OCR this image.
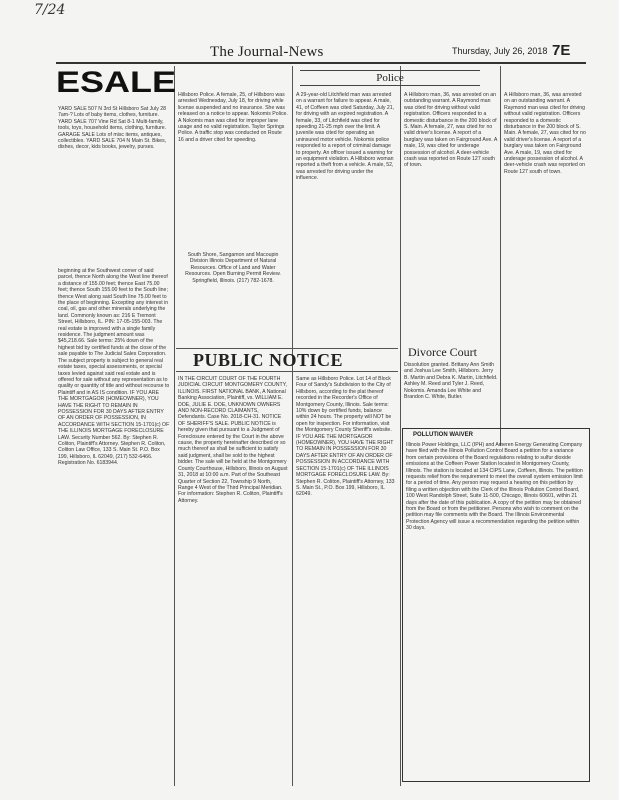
7/24
The Journal-News	Thursday, July 26, 2018 7E
ESALE
YARD SALE 507 N 3rd St Hillsboro Sat July 28 7am-? Lots of baby items, clothes, furniture. YARD SALE 707 Vine Rd Sat 8-1 Multi-family, tools, toys, household items, clothing, furniture. GARAGE SALE Lots of misc items, antiques, collectibles. YARD SALE 704 N Main St. Bikes, dishes, decor, kids books, jewelry, purses.
beginning at the Southwest corner of said parcel, thence North along the West line thereof a distance of 155.00 feet; thence East 75.00 feet; thence South 155.00 feet to the South line; thence West along said South line 75.00 feet to the place of beginning. Excepting any interest in coal, oil, gas and other minerals underlying the land. Commonly known as: 216 E Tremont Street, Hillsboro, IL. PIN: 17-05-155-003. The real estate is improved with a single family residence. The judgment amount was $45,218.66. Sale terms: 25% down of the highest bid by certified funds at the close of the sale payable to The Judicial Sales Corporation. The subject property is subject to general real estate taxes, special assessments, or special taxes levied against said real estate and is offered for sale without any representation as to quality or quantity of title and without recourse to Plaintiff and in AS IS condition. IF YOU ARE THE MORTGAGOR (HOMEOWNER), YOU HAVE THE RIGHT TO REMAIN IN POSSESSION FOR 30 DAYS AFTER ENTRY OF AN ORDER OF POSSESSION, IN ACCORDANCE WITH SECTION 15-1701(c) OF THE ILLINOIS MORTGAGE FORECLOSURE LAW. Security Number 562. By: Stephen R. Coliton, Plaintiff's Attorney. Stephen R. Coliton, Coliton Law Office, 133 S. Main St. P.O. Box 199, Hillsboro, IL 62049, (217) 532-6466. Registration No. 6183944.
Police
Hillsboro Police. A female, 25, of Hillsboro was arrested Wednesday, July 18, for driving while license suspended and no insurance. She was released on a notice to appear. Nokomis Police. A Nokomis man was cited for improper lane usage and no valid registration. Taylor Springs Police. A traffic stop was conducted on Route 16 and a driver cited for speeding.
South Shore, Sangamon and Macoupin Division Illinois Department of Natural Resources. Office of Land and Water Resources. Open Burning Permit Review. Springfield, Illinois. (217) 782-1678.
A 29-year-old Litchfield man was arrested on a warrant for failure to appear. A male, 41, of Coffeen was cited Saturday, July 21, for driving with an expired registration. A female, 33, of Litchfield was cited for speeding 21-25 mph over the limit. A juvenile was cited for operating an uninsured motor vehicle. Nokomis police responded to a report of criminal damage to property. An officer issued a warning for an equipment violation. A Hillsboro woman reported a theft from a vehicle. A male, 52, was arrested for driving under the influence.
A Hillsboro man, 36, was arrested on an outstanding warrant. A Raymond man was cited for driving without valid registration. Officers responded to a domestic disturbance in the 200 block of S. Main. A female, 27, was cited for no valid driver's license. A report of a burglary was taken on Fairground Ave. A male, 19, was cited for underage possession of alcohol. A deer-vehicle crash was reported on Route 127 south of town.
A Hillsboro man, 36, was arrested on an outstanding warrant. A Raymond man was cited for driving without valid registration. Officers responded to a domestic disturbance in the 200 block of S. Main. A female, 27, was cited for no valid driver's license. A report of a burglary was taken on Fairground Ave. A male, 19, was cited for underage possession of alcohol. A deer-vehicle crash was reported on Route 127 south of town.
PUBLIC NOTICE
IN THE CIRCUIT COURT OF THE FOURTH JUDICIAL CIRCUIT MONTGOMERY COUNTY, ILLINOIS. FIRST NATIONAL BANK, A National Banking Association, Plaintiff, vs. WILLIAM E. DOE, JULIE E. DOE, UNKNOWN OWNERS AND NON-RECORD CLAIMANTS, Defendants. Case No. 2018-CH-31. NOTICE OF SHERIFF'S SALE. PUBLIC NOTICE is hereby given that pursuant to a Judgment of Foreclosure entered by the Court in the above cause, the property hereinafter described or so much thereof as shall be sufficient to satisfy said judgment, shall be sold to the highest bidder. The sale will be held at the Montgomery County Courthouse, Hillsboro, Illinois on August 31, 2018 at 10:00 a.m. Part of the Southeast Quarter of Section 22, Township 9 North, Range 4 West of the Third Principal Meridian. For information: Stephen R. Coliton, Plaintiff's Attorney.
Same as Hillsboro Police. Lot 14 of Block Four of Sandy's Subdivision to the City of Hillsboro, according to the plat thereof recorded in the Recorder's Office of Montgomery County, Illinois. Sale terms: 10% down by certified funds, balance within 24 hours. The property will NOT be open for inspection. For information, visit the Montgomery County Sheriff's website. IF YOU ARE THE MORTGAGOR (HOMEOWNER), YOU HAVE THE RIGHT TO REMAIN IN POSSESSION FOR 30 DAYS AFTER ENTRY OF AN ORDER OF POSSESSION IN ACCORDANCE WITH SECTION 15-1701(c) OF THE ILLINOIS MORTGAGE FORECLOSURE LAW. By: Stephen R. Coliton, Plaintiff's Attorney, 133 S. Main St., P.O. Box 199, Hillsboro, IL 62049.
Divorce Court
Dissolution granted. Brittany Ann Smith and Joshua Lee Smith, Hillsboro. Jerry B. Martin and Debra K. Martin, Litchfield. Ashley M. Reed and Tyler J. Reed, Nokomis. Amanda Lee White and Brandon C. White, Butler.
POLLUTION WAIVER
Illinois Power Holdings, LLC (IPH) and Ameren Energy Generating Company have filed with the Illinois Pollution Control Board a petition for a variance from certain provisions of the Board regulations relating to sulfur dioxide emissions at the Coffeen Power Station located in Montgomery County, Illinois. The station is located at 134 CIPS Lane, Coffeen, Illinois. The petition requests relief from the requirement to meet the overall system emission limit for a period of time. Any person may request a hearing on this petition by filing a written objection with the Clerk of the Illinois Pollution Control Board, 100 West Randolph Street, Suite 11-500, Chicago, Illinois 60601, within 21 days after the date of this publication. A copy of the petition may be obtained from the Board or from the petitioner. Persons who wish to comment on the petition may file comments with the Board. The Illinois Environmental Protection Agency will issue a recommendation regarding the petition within 30 days.
